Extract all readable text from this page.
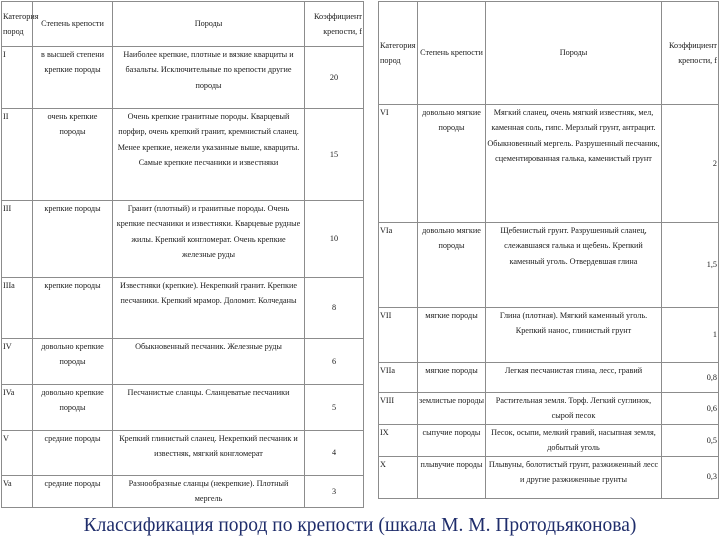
Категория пород	Степень крепости	Породы	Коэффициент крепости, f
I	в высшей степени крепкие породы	Наиболее крепкие, плотные и вязкие кварциты и базальты. Исключительные по крепости другие породы	20
II	очень крепкие породы	Очень крепкие гранитные породы. Кварцевый порфир, очень крепкий гранит, кремнистый сланец. Менее крепкие, нежели указанные выше, кварциты. Самые крепкие песчаники и известняки	15
III	крепкие породы	Гранит (плотный) и гранитные породы. Очень крепкие песчаники и известняки. Кварцевые рудные жилы. Крепкий конгломерат. Очень крепкие железные руды	10
IIIa	крепкие породы	Известняки (крепкие). Некрепкий гранит. Крепкие песчаники. Крепкий мрамор. Доломит. Колчеданы	8
IV	довольно крепкие породы	Обыкновенный песчаник. Железные руды	6
IVa	довольно крепкие породы	Песчанистые сланцы. Сланцеватые песчаники	5
V	средние породы	Крепкий глинистый сланец. Некрепкий песчаник и известняк, мягкий конгломерат	4
Va	средние породы	Разнообразные сланцы (некрепкие). Плотный мергель	3
Категория пород	Степень крепости	Породы	Коэффициент крепости, f
VI	довольно мягкие породы	Мягкий сланец, очень мягкий известняк, мел, каменная соль, гипс. Мерзлый грунт, антрацит. Обыкновенный мергель. Разрушенный песчаник, сцементированная галька, каменистый грунт	2
VIa	довольно мягкие породы	Щебенистый грунт. Разрушенный сланец, слежавшаяся галька и щебень. Крепкий каменный уголь. Отвердевшая глина	1,5
VII	мягкие породы	Глина (плотная). Мягкий каменный уголь. Крепкий нанос, глинистый грунт	1
VIIa	мягкие породы	Легкая песчанистая глина, лесс, гравий	0,8
VIII	землистые породы	Растительная земля. Торф. Легкий суглинок, сырой песок	0,6
IX	сыпучие породы	Песок, осыпи, мелкий гравий, насыпная земля, добытый уголь	0,5
X	плывучие породы	Плывуны, болотистый грунт, разжиженный лесс и другие разжиженные грунты	0,3
Классификация пород по крепости (шкала М. М. Протодьяконова)
